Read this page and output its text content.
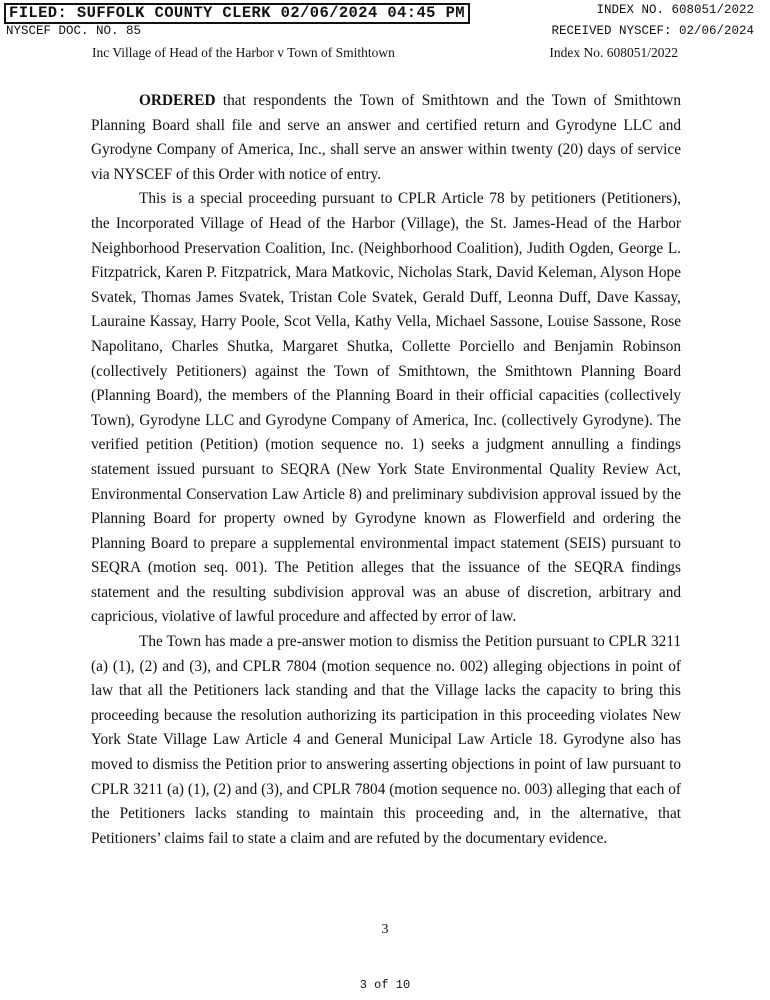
FILED: SUFFOLK COUNTY CLERK 02/06/2024 04:45 PM	INDEX NO. 608051/2022
NYSCEF DOC. NO. 85	RECEIVED NYSCEF: 02/06/2024
Inc Village of Head of the Harbor v Town of Smithtown	Index No. 608051/2022

ORDERED that respondents the Town of Smithtown and the Town of Smithtown Planning Board shall file and serve an answer and certified return and Gyrodyne LLC and Gyrodyne Company of America, Inc., shall serve an answer within twenty (20) days of service via NYSCEF of this Order with notice of entry.

This is a special proceeding pursuant to CPLR Article 78 by petitioners (Petitioners), the Incorporated Village of Head of the Harbor (Village), the St. James-Head of the Harbor Neighborhood Preservation Coalition, Inc. (Neighborhood Coalition), Judith Ogden, George L. Fitzpatrick, Karen P. Fitzpatrick, Mara Matkovic, Nicholas Stark, David Keleman, Alyson Hope Svatek, Thomas James Svatek, Tristan Cole Svatek, Gerald Duff, Leonna Duff, Dave Kassay, Lauraine Kassay, Harry Poole, Scot Vella, Kathy Vella, Michael Sassone, Louise Sassone, Rose Napolitano, Charles Shutka, Margaret Shutka, Collette Porciello and Benjamin Robinson (collectively Petitioners) against the Town of Smithtown, the Smithtown Planning Board (Planning Board), the members of the Planning Board in their official capacities (collectively Town), Gyrodyne LLC and Gyrodyne Company of America, Inc. (collectively Gyrodyne). The verified petition (Petition) (motion sequence no. 1) seeks a judgment annulling a findings statement issued pursuant to SEQRA (New York State Environmental Quality Review Act, Environmental Conservation Law Article 8) and preliminary subdivision approval issued by the Planning Board for property owned by Gyrodyne known as Flowerfield and ordering the Planning Board to prepare a supplemental environmental impact statement (SEIS) pursuant to SEQRA (motion seq. 001). The Petition alleges that the issuance of the SEQRA findings statement and the resulting subdivision approval was an abuse of discretion, arbitrary and capricious, violative of lawful procedure and affected by error of law.

The Town has made a pre-answer motion to dismiss the Petition pursuant to CPLR 3211 (a) (1), (2) and (3), and CPLR 7804 (motion sequence no. 002) alleging objections in point of law that all the Petitioners lack standing and that the Village lacks the capacity to bring this proceeding because the resolution authorizing its participation in this proceeding violates New York State Village Law Article 4 and General Municipal Law Article 18. Gyrodyne also has moved to dismiss the Petition prior to answering asserting objections in point of law pursuant to CPLR 3211 (a) (1), (2) and (3), and CPLR 7804 (motion sequence no. 003) alleging that each of the Petitioners lacks standing to maintain this proceeding and, in the alternative, that Petitioners’ claims fail to state a claim and are refuted by the documentary evidence.

3
3 of 10
